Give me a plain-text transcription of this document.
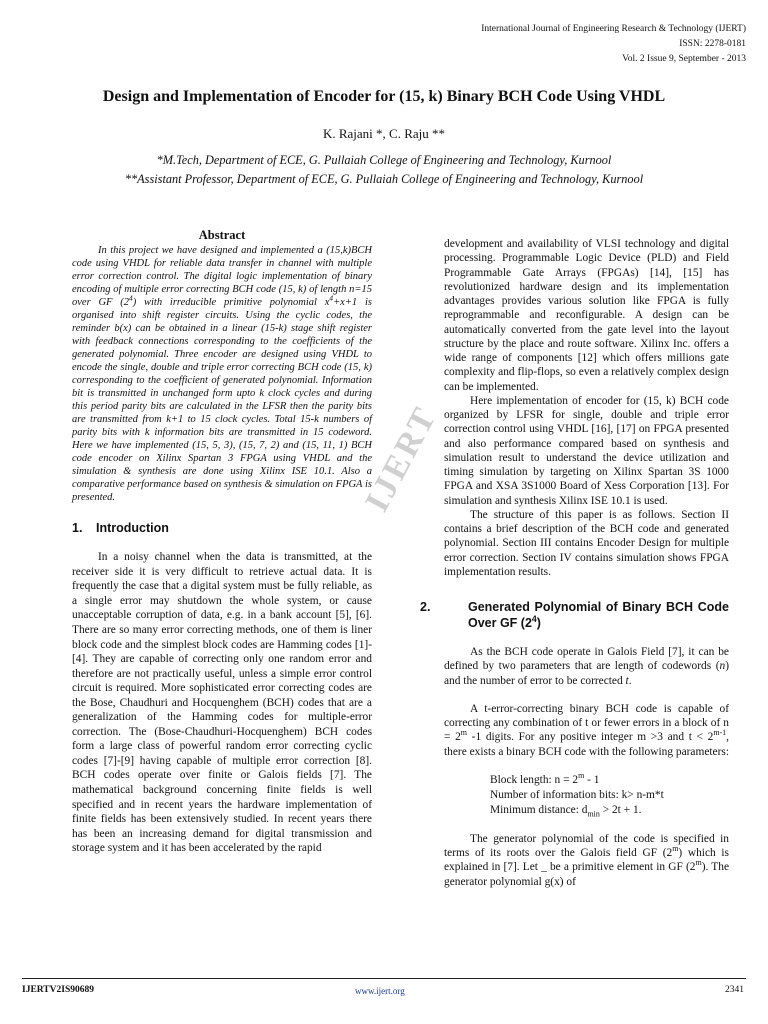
International Journal of Engineering Research & Technology (IJERT)
ISSN: 2278-0181
Vol. 2 Issue 9, September - 2013
Design and Implementation of Encoder for (15, k) Binary BCH Code Using VHDL
K. Rajani *, C. Raju **
*M.Tech, Department of ECE, G. Pullaiah College of Engineering and Technology, Kurnool
**Assistant Professor, Department of ECE, G. Pullaiah College of Engineering and Technology, Kurnool
IJERT

Abstract

In this project we have designed and implemented a (15,k)BCH code using VHDL for reliable data transfer in channel with multiple error correction control. The digital logic implementation of binary encoding of multiple error correcting BCH code (15, k) of length n=15 over GF $(2^4)$ with irreducible primitive polynomial $x^4+x+1$ is organised into shift register circuits. Using the cyclic codes, the reminder b(x) can be obtained in a linear (15-k) stage shift register with feedback connections corresponding to the coefficients of the generated polynomial. Three encoder are designed using VHDL to encode the single, double and triple error correcting BCH code (15, k) corresponding to the coefficient of generated polynomial. Information bit is transmitted in unchanged form upto k clock cycles and during this period parity bits are calculated in the LFSR then the parity bits are transmitted from k+1 to 15 clock cycles. Total 15-k numbers of parity bits with k information bits are transmitted in 15 codeword. Here we have implemented (15, 5, 3), (15, 7, 2) and (15, 11, 1) BCH code encoder on Xilinx Spartan 3 FPGA using VHDL and the simulation & synthesis are done using Xilinx ISE 10.1. Also a comparative performance based on synthesis & simulation on FPGA is presented.

1. Introduction

In a noisy channel when the data is transmitted, at the receiver side it is very difficult to retrieve actual data. It is frequently the case that a digital system must be fully reliable, as a single error may shutdown the whole system, or cause unacceptable corruption of data, e.g. in a bank account [5], [6]. There are so many error correcting methods, one of them is liner block code and the simplest block codes are Hamming codes [1]-[4]. They are capable of correcting only one random error and therefore are not practically useful, unless a simple error control circuit is required. More sophisticated error correcting codes are the Bose, Chaudhuri and Hocquenghem (BCH) codes that are a generalization of the Hamming codes for multiple-error correction. The (Bose-Chaudhuri-Hocquenghem) BCH codes form a large class of powerful random error correcting cyclic codes [7]-[9] having capable of multiple error correction [8]. BCH codes operate over finite or Galois fields [7]. The mathematical background concerning finite fields is well specified and in recent years the hardware implementation of finite fields has been extensively studied. In recent years there has been an increasing demand for digital transmission and storage system and it has been accelerated by the rapid

development and availability of VLSI technology and digital processing. Programmable Logic Device (PLD) and Field Programmable Gate Arrays (FPGAs) [14], [15] has revolutionized hardware design and its implementation advantages provides various solution like FPGA is fully reprogrammable and reconfigurable. A design can be automatically converted from the gate level into the layout structure by the place and route software. Xilinx Inc. offers a wide range of components [12] which offers millions gate complexity and flip-flops, so even a relatively complex design can be implemented.

Here implementation of encoder for (15, k) BCH code organized by LFSR for single, double and triple error correction control using VHDL [16], [17] on FPGA presented and also performance compared based on synthesis and simulation result to understand the device utilization and timing simulation by targeting on Xilinx Spartan 3S 1000 FPGA and XSA 3S1000 Board of Xess Corporation [13]. For simulation and synthesis Xilinx ISE 10.1 is used.

The structure of this paper is as follows. Section II contains a brief description of the BCH code and generated polynomial. Section III contains Encoder Design for multiple error correction. Section IV contains simulation shows FPGA implementation results.

2.	Generated Polynomial of Binary BCH Code Over GF $(2^4)$

As the BCH code operate in Galois Field [7], it can be defined by two parameters that are length of codewords (n) and the number of error to be corrected t.

A t-error-correcting binary BCH code is capable of correcting any combination of t or fewer errors in a block of $n = 2^m$ -1 digits. For any positive integer m >3 and $t < 2^{m-1}$, there exists a binary BCH code with the following parameters:

Block length: $n = 2^m - 1$
Number of information bits: k> n-m*t
Minimum distance: $d_{min} > 2t + 1$.

The generator polynomial of the code is specified in terms of its roots over the Galois field GF (2$^m$) which is explained in [7]. Let _ be a primitive element in GF (2$^m$). The generator polynomial g(x) of

IJERTV2IS90689	www.ijert.org	2341
